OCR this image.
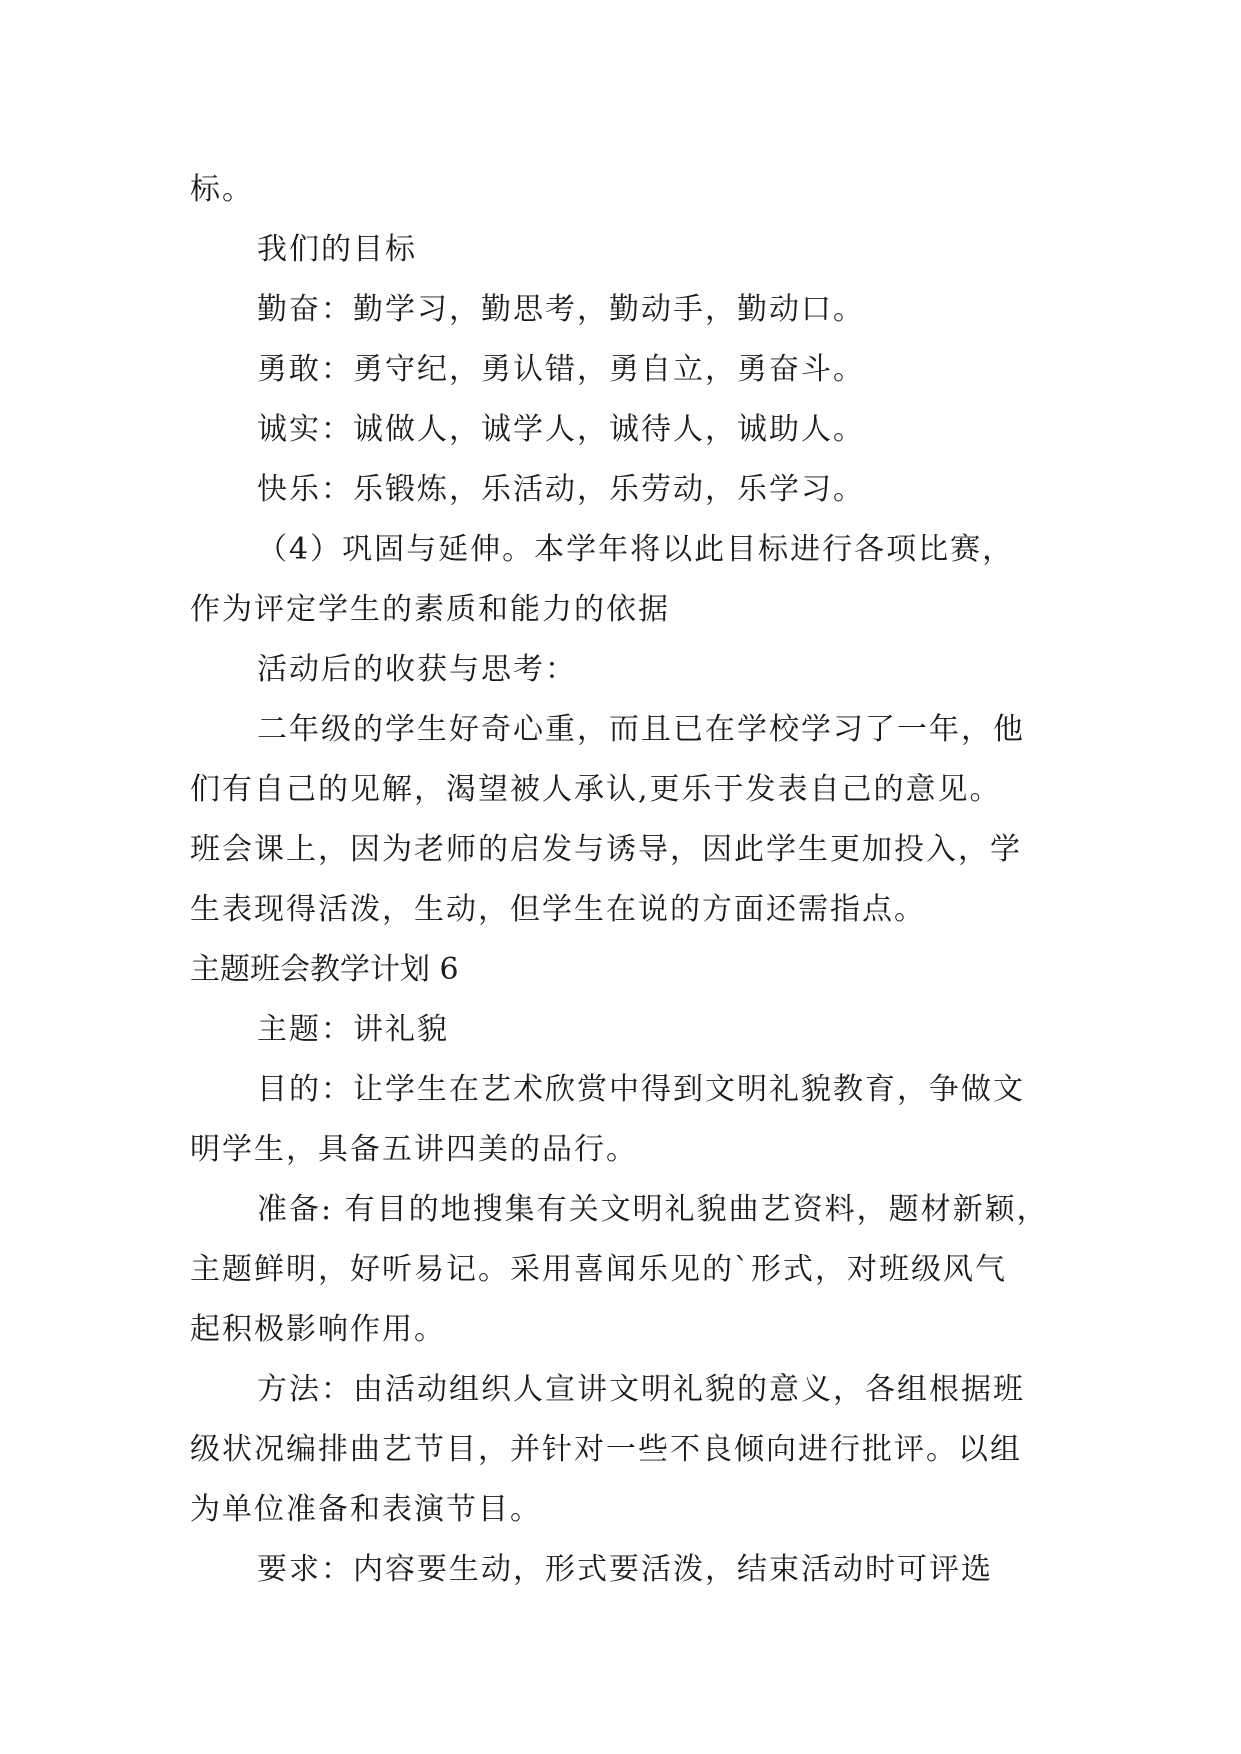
标。
我们的目标
勤奋：勤学习，勤思考，勤动手，勤动口。
勇敢：勇守纪，勇认错，勇自立，勇奋斗。
诚实：诚做人，诚学人，诚待人，诚助人。
快乐：乐锻炼，乐活动，乐劳动，乐学习。
（4）巩固与延伸。本学年将以此目标进行各项比赛，
作为评定学生的素质和能力的依据
活动后的收获与思考：
二年级的学生好奇心重，而且已在学校学习了一年，他
们有自己的见解，渴望被人承认,更乐于发表自己的意见。
班会课上，因为老师的启发与诱导，因此学生更加投入，学
生表现得活泼，生动，但学生在说的方面还需指点。
主题班会教学计划 6
主题：讲礼貌
目的：让学生在艺术欣赏中得到文明礼貌教育，争做文
明学生，具备五讲四美的品行。
准备: 有目的地搜集有关文明礼貌曲艺资料，题材新颖，
主题鲜明，好听易记。采用喜闻乐见的`形式，对班级风气
起积极影响作用。
方法：由活动组织人宣讲文明礼貌的意义，各组根据班
级状况编排曲艺节目，并针对一些不良倾向进行批评。以组
为单位准备和表演节目。
要求：内容要生动，形式要活泼，结束活动时可评选
